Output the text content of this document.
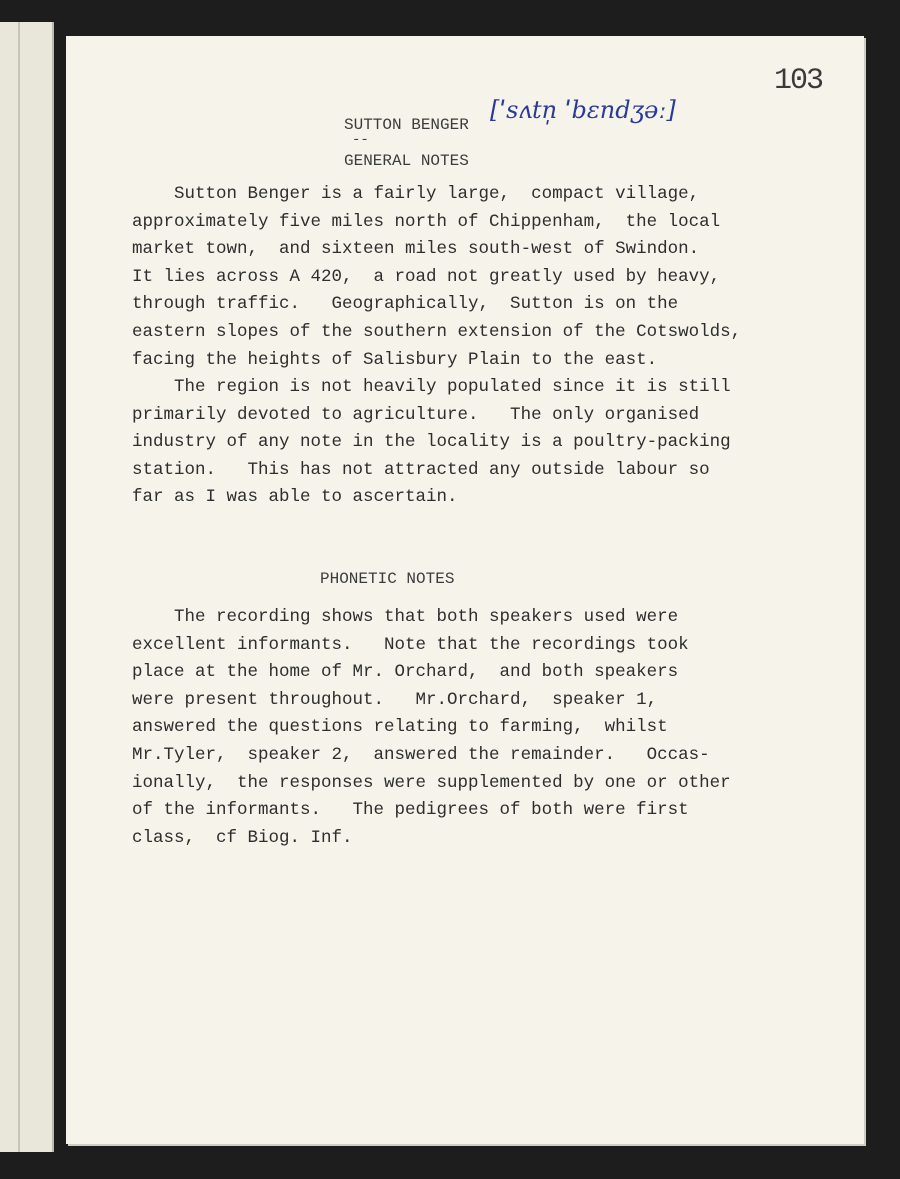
103
SUTTON BENGER
--
[ˈsʌtn̩ ˈbɛndʒəː]
GENERAL NOTES

Sutton Benger is a fairly large,  compact village,
approximately five miles north of Chippenham,  the local
market town,  and sixteen miles south-west of Swindon.
It lies across A 420,  a road not greatly used by heavy,
through traffic.   Geographically,  Sutton is on the
eastern slopes of the southern extension of the Cotswolds,
facing the heights of Salisbury Plain to the east.

The region is not heavily populated since it is still
primarily devoted to agriculture.   The only organised
industry of any note in the locality is a poultry-packing
station.   This has not attracted any outside labour so
far as I was able to ascertain.

PHONETIC NOTES

The recording shows that both speakers used were
excellent informants.   Note that the recordings took
place at the home of Mr. Orchard,  and both speakers
were present throughout.   Mr.Orchard,  speaker 1,
answered the questions relating to farming,  whilst
Mr.Tyler,  speaker 2,  answered the remainder.   Occas-
ionally,  the responses were supplemented by one or other
of the informants.   The pedigrees of both were first
class,  cf Biog. Inf.
